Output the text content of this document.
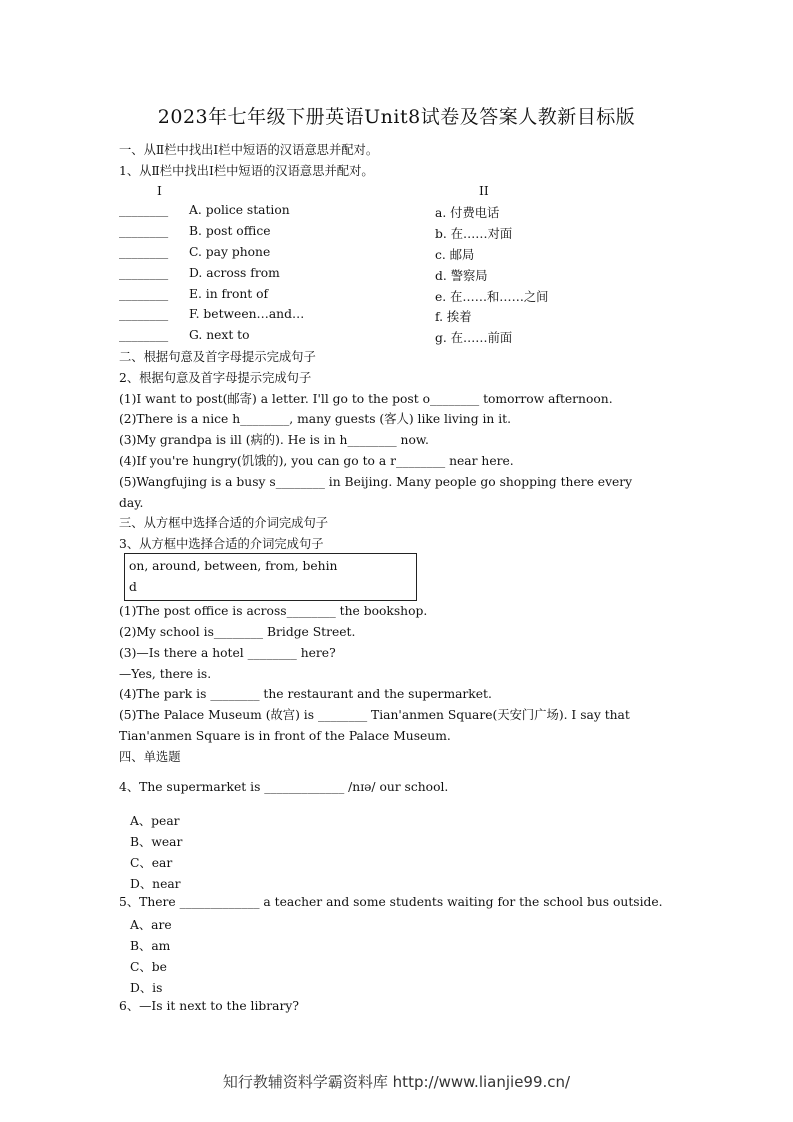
2023年七年级下册英语Unit8试卷及答案人教新目标版
一、从Ⅱ栏中找出Ⅰ栏中短语的汉语意思并配对。
1、从Ⅱ栏中找出Ⅰ栏中短语的汉语意思并配对。
I	II
________ A. police station	a. 付费电话
________ B. post office	b. 在……对面
________ C. pay phone	c. 邮局
________ D. across from	d. 警察局
________ E. in front of	e. 在……和……之间
________ F. between…and…	f. 挨着
________ G. next to	g. 在……前面
二、根据句意及首字母提示完成句子
2、根据句意及首字母提示完成句子
(1)I want to post(邮寄) a letter. I'll go to the post o________ tomorrow afternoon.
(2)There is a nice h________, many guests (客人) like living in it.
(3)My grandpa is ill (病的). He is in h________ now.
(4)If you're hungry(饥饿的), you can go to a r________ near here.
(5)Wangfujing is a busy s________ in Beijing. Many people go shopping there every
day.
三、从方框中选择合适的介词完成句子
3、从方框中选择合适的介词完成句子
on, around, between, from, behin
d
(1)The post office is across________ the bookshop.
(2)My school is________ Bridge Street.
(3)—Is there a hotel ________ here?
—Yes, there is.
(4)The park is ________ the restaurant and the supermarket.
(5)The Palace Museum (故宫) is ________ Tian'anmen Square(天安门广场). I say that
Tian'anmen Square is in front of the Palace Museum.
四、单选题
4、The supermarket is _____________ /nɪə/ our school.
A、pear
B、wear
C、ear
D、near
5、There _____________ a teacher and some students waiting for the school bus outside.
A、are
B、am
C、be
D、is
6、—Is it next to the library?
知行教辅资料学霸资料库 http://www.lianjie99.cn/
